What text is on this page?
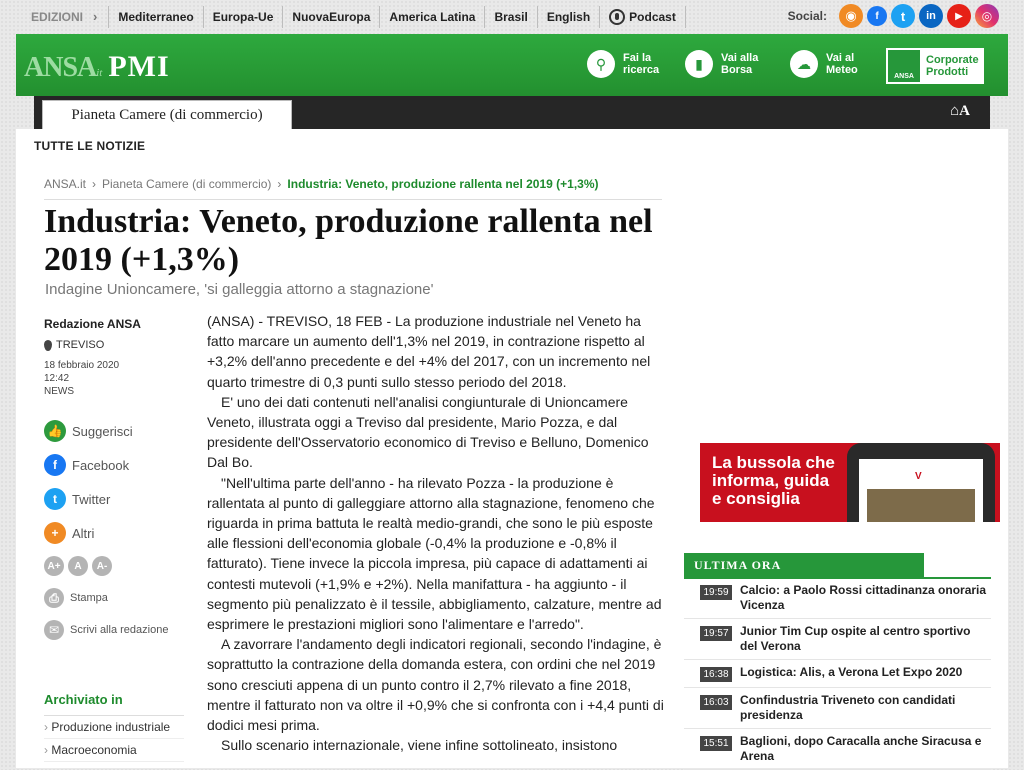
EDIZIONI › Mediterraneo Europa-Ue NuovaEuropa America Latina Brasil English	Podcast	Social:	◉	f	t	in	▶	◎
ANSA it PMI	⚲	Fai la
ricerca	▮	Vai alla
Borsa	☁	Vai al
Meteo
ANSA
Corporate
Prodotti
Pianeta Camere (di commercio)	⌂A
TUTTE LE NOTIZIE
ANSA.it › Pianeta Camere (di commercio) › Industria: Veneto, produzione rallenta nel 2019 (+1,3%)
Industria: Veneto, produzione rallenta nel 2019 (+1,3%)
Indagine Unioncamere, 'si galleggia attorno a stagnazione'
Redazione ANSA
TREVISO
18 febbraio 2020
12:42
NEWS
👍 Suggerisci
f	Facebook
t	Twitter
+	Altri
A+	A	A-
⎙	Stampa
✉ Scrivi alla redazione
Archiviato in
› Produzione industriale
› Macroeconomia

(ANSA) - TREVISO, 18 FEB - La produzione industriale nel Veneto ha fatto marcare un aumento dell'1,3% nel 2019, in contrazione rispetto al +3,2% dell'anno precedente e del +4% del 2017, con un incremento nel quarto trimestre di 0,3 punti sullo stesso periodo del 2018.

E' uno dei dati contenuti nell'analisi congiunturale di Unioncamere Veneto, illustrata oggi a Treviso dal presidente, Mario Pozza, e dal presidente dell'Osservatorio economico di Treviso e Belluno, Domenico Dal Bo.

"Nell'ultima parte dell'anno - ha rilevato Pozza - la produzione è rallentata al punto di galleggiare attorno alla stagnazione, fenomeno che riguarda in prima battuta le realtà medio-grandi, che sono le più esposte alle flessioni dell'economia globale (-0,4% la produzione e -0,8% il fatturato). Tiene invece la piccola impresa, più capace di adattamenti ai contesti mutevoli (+1,9% e +2%). Nella manifattura - ha aggiunto - il segmento più penalizzato è il tessile, abbigliamento, calzature, mentre ad esprimere le prestazioni migliori sono l'alimentare e l'arredo".

A zavorrare l'andamento degli indicatori regionali, secondo l'indagine, è soprattutto la contrazione della domanda estera, con ordini che nel 2019 sono cresciuti appena di un punto contro il 2,7% rilevato a fine 2018, mentre il fatturato non va oltre il +0,9% che si confronta con i +4,4 punti di dodici mesi prima.

Sullo scenario internazionale, viene infine sottolineato, insistono

La bussola che
informa, guida
e consiglia
V
ULTIMA ORA
19:59 Calcio: a Paolo Rossi cittadinanza onoraria Vicenza
19:57 Junior Tim Cup ospite al centro sportivo del Verona
16:38 Logistica: Alis, a Verona Let Expo 2020
16:03 Confindustria Triveneto con candidati presidenza
15:51 Baglioni, dopo Caracalla anche Siracusa e Arena
